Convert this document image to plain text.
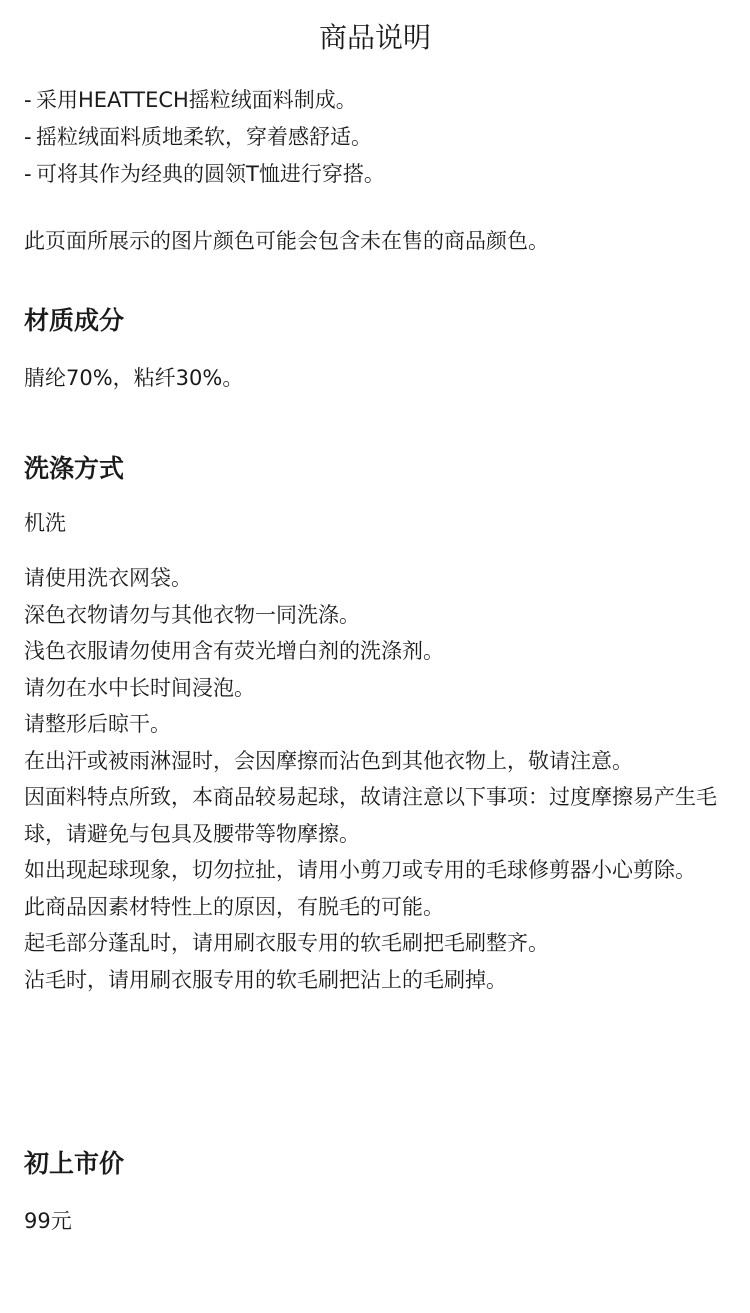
商品说明
- 采用HEATTECH摇粒绒面料制成。
- 摇粒绒面料质地柔软，穿着感舒适。
- 可将其作为经典的圆领T恤进行穿搭。

此页面所展示的图片颜色可能会包含未在售的商品颜色。

材质成分

腈纶70%，粘纤30%。

洗涤方式

机洗

请使用洗衣网袋。
深色衣物请勿与其他衣物一同洗涤。
浅色衣服请勿使用含有荧光增白剂的洗涤剂。
请勿在水中长时间浸泡。
请整形后晾干。
在出汗或被雨淋湿时，会因摩擦而沾色到其他衣物上，敬请注意。
因面料特点所致，本商品较易起球，故请注意以下事项：过度摩擦易产生毛球，请避免与包具及腰带等物摩擦。
如出现起球现象，切勿拉扯，请用小剪刀或专用的毛球修剪器小心剪除。
此商品因素材特性上的原因，有脱毛的可能。
起毛部分蓬乱时，请用刷衣服专用的软毛刷把毛刷整齐。
沾毛时，请用刷衣服专用的软毛刷把沾上的毛刷掉。
初上市价

99元
